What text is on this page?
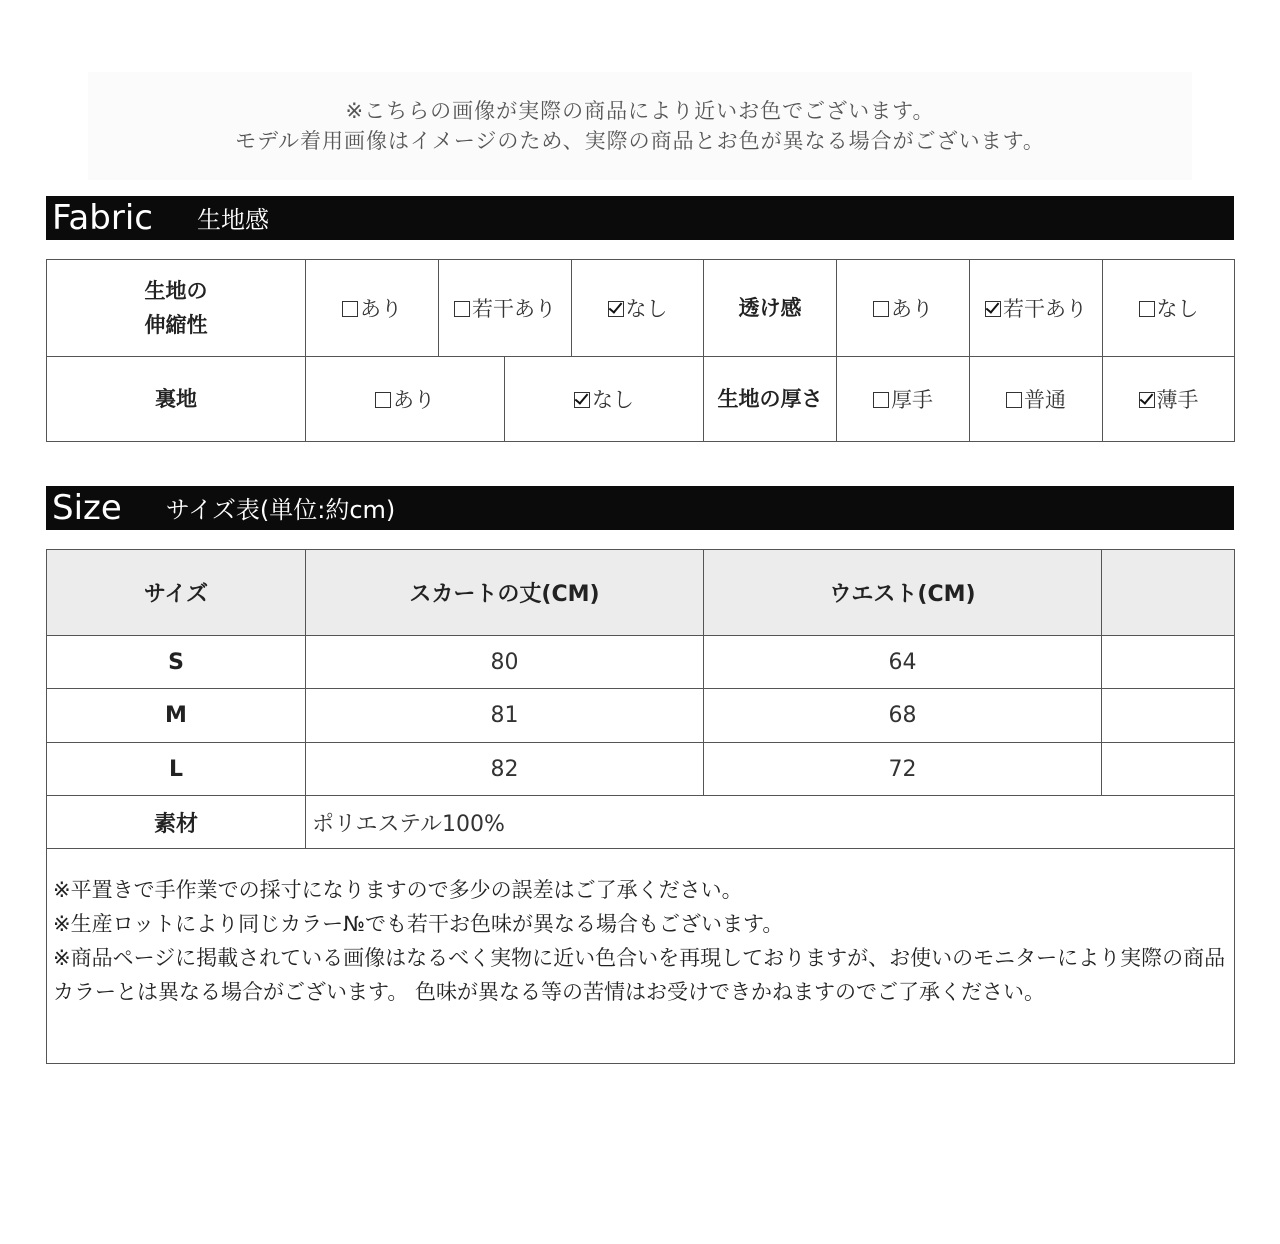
※こちらの画像が実際の商品により近いお色でございます。
モデル着用画像はイメージのため、実際の商品とお色が異なる場合がございます。
Fabric 生地感
生地の
伸縮性	あり	若干あり		なし	透け感	あり	若干あり	なし
裏地	あり		なし		生地の厚さ	厚手	普通	薄手
Size サイズ表(単位:約cm)
サイズ	スカートの丈(CM)	ウエスト(CM)	
S	80	64	
M	81	68	
L	82	72	
素材	ポリエステル100%		

※平置きで手作業での採寸になりますので多少の誤差はご了承ください。
※生産ロットにより同じカラー№でも若干お色味が異なる場合もございます。
※商品ページに掲載されている画像はなるべく実物に近い色合いを再現しておりますが、お使いのモニターにより実際の商品カラーとは異なる場合がございます。 色味が異なる等の苦情はお受けできかねますのでご了承ください。			
